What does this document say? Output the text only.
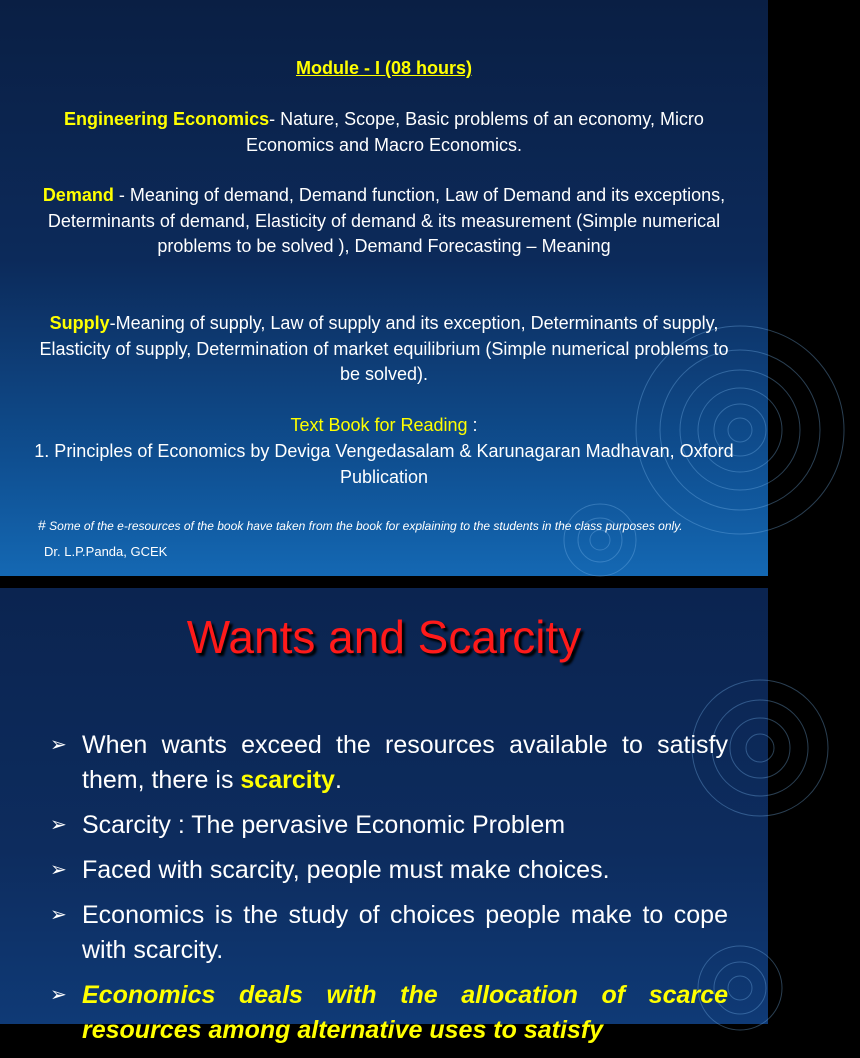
Module - I (08 hours)
Engineering Economics- Nature, Scope, Basic problems of an economy, Micro Economics and Macro Economics.
Demand - Meaning of demand, Demand function, Law of Demand and its exceptions, Determinants of demand, Elasticity of demand & its measurement (Simple numerical problems to be solved ), Demand Forecasting – Meaning
Supply-Meaning of supply, Law of supply and its exception, Determinants of supply, Elasticity of supply, Determination of market equilibrium (Simple numerical problems to be solved).
Text Book for Reading :
1. Principles of Economics by Deviga Vengedasalam & Karunagaran Madhavan, Oxford Publication
# Some of the e-resources of the book have taken from the book for explaining to the students in the class purposes only.
Dr. L.P.Panda, GCEK
Wants and Scarcity
➢ When wants exceed the resources available to satisfy them, there is scarcity.
➢ Scarcity : The pervasive Economic Problem
➢ Faced with scarcity, people must make choices.
➢ Economics is the study of choices people make to cope with scarcity.
➢ Economics deals with the allocation of scarce resources among alternative uses to satisfy
